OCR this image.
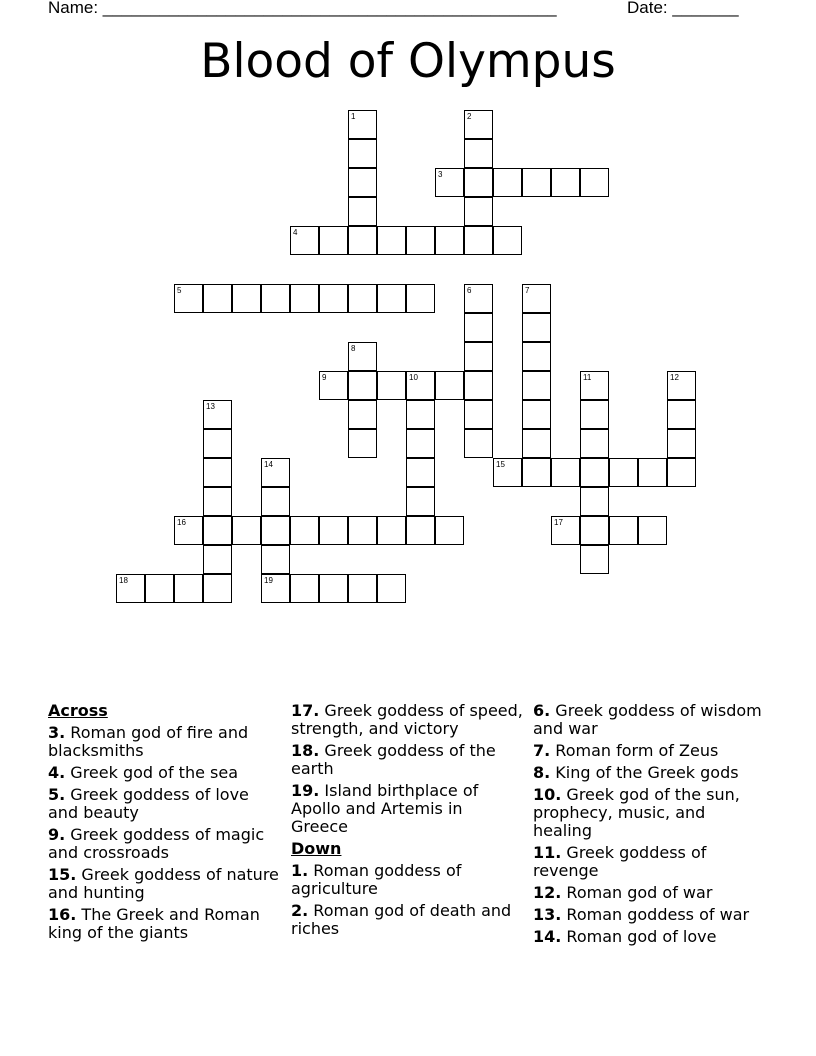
Name: ________________________________________________	Date: _______
Blood of Olympus
1	2
3
4
5	6	7
8
9	10	11	12
13
14	15
16	17
18	19
Across
3. Roman god of fire and blacksmiths
4. Greek god of the sea
5. Greek goddess of love and beauty
9. Greek goddess of magic and crossroads
15. Greek goddess of nature and hunting
16. The Greek and Roman king of the giants
17. Greek goddess of speed, strength, and victory
18. Greek goddess of the earth
19. Island birthplace of Apollo and Artemis in Greece
Down
1. Roman goddess of agriculture
2. Roman god of death and riches
6. Greek goddess of wisdom and war
7. Roman form of Zeus
8. King of the Greek gods
10. Greek god of the sun, prophecy, music, and healing
11. Greek goddess of revenge
12. Roman god of war
13. Roman goddess of war
14. Roman god of love
